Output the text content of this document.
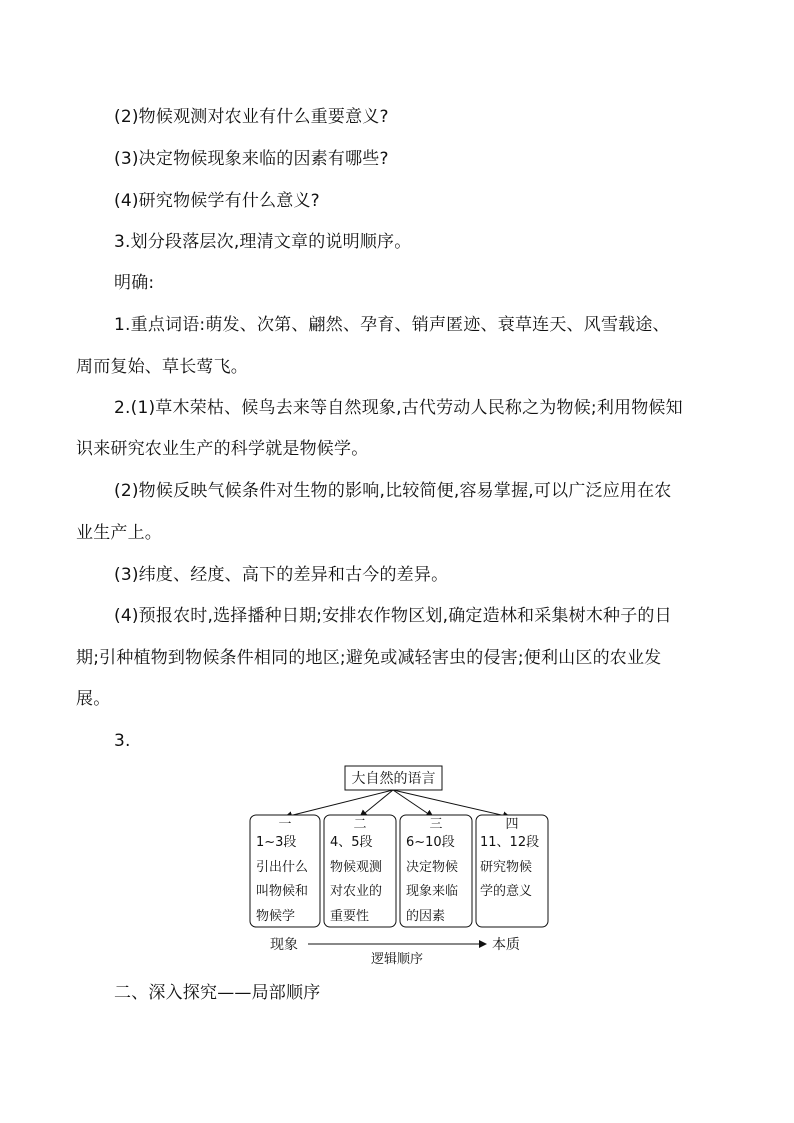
(2)物候观测对农业有什么重要意义?

(3)决定物候现象来临的因素有哪些?

(4)研究物候学有什么意义?

3.划分段落层次,理清文章的说明顺序。

明确:

1.重点词语:萌发、次第、翩然、孕育、销声匿迹、衰草连天、风雪载途、

周而复始、草长莺飞。

2.(1)草木荣枯、候鸟去来等自然现象,古代劳动人民称之为物候;利用物候知

识来研究农业生产的科学就是物候学。

(2)物候反映气候条件对生物的影响,比较简便,容易掌握,可以广泛应用在农

业生产上。

(3)纬度、经度、高下的差异和古今的差异。

(4)预报农时,选择播种日期;安排农作物区划,确定造林和采集树木种子的日

期;引种植物到物候条件相同的地区;避免或减轻害虫的侵害;便利山区的农业发

展。

3.

大自然的语言
一
1~3段
引出什么
叫物候和
物候学
二
4、5段
物候观测
对农业的
重要性
三
6~10段
决定物候
现象来临
的因素
四
11、12段
研究物候
学的意义
现象	本质
逻辑顺序

二、深入探究——局部顺序
